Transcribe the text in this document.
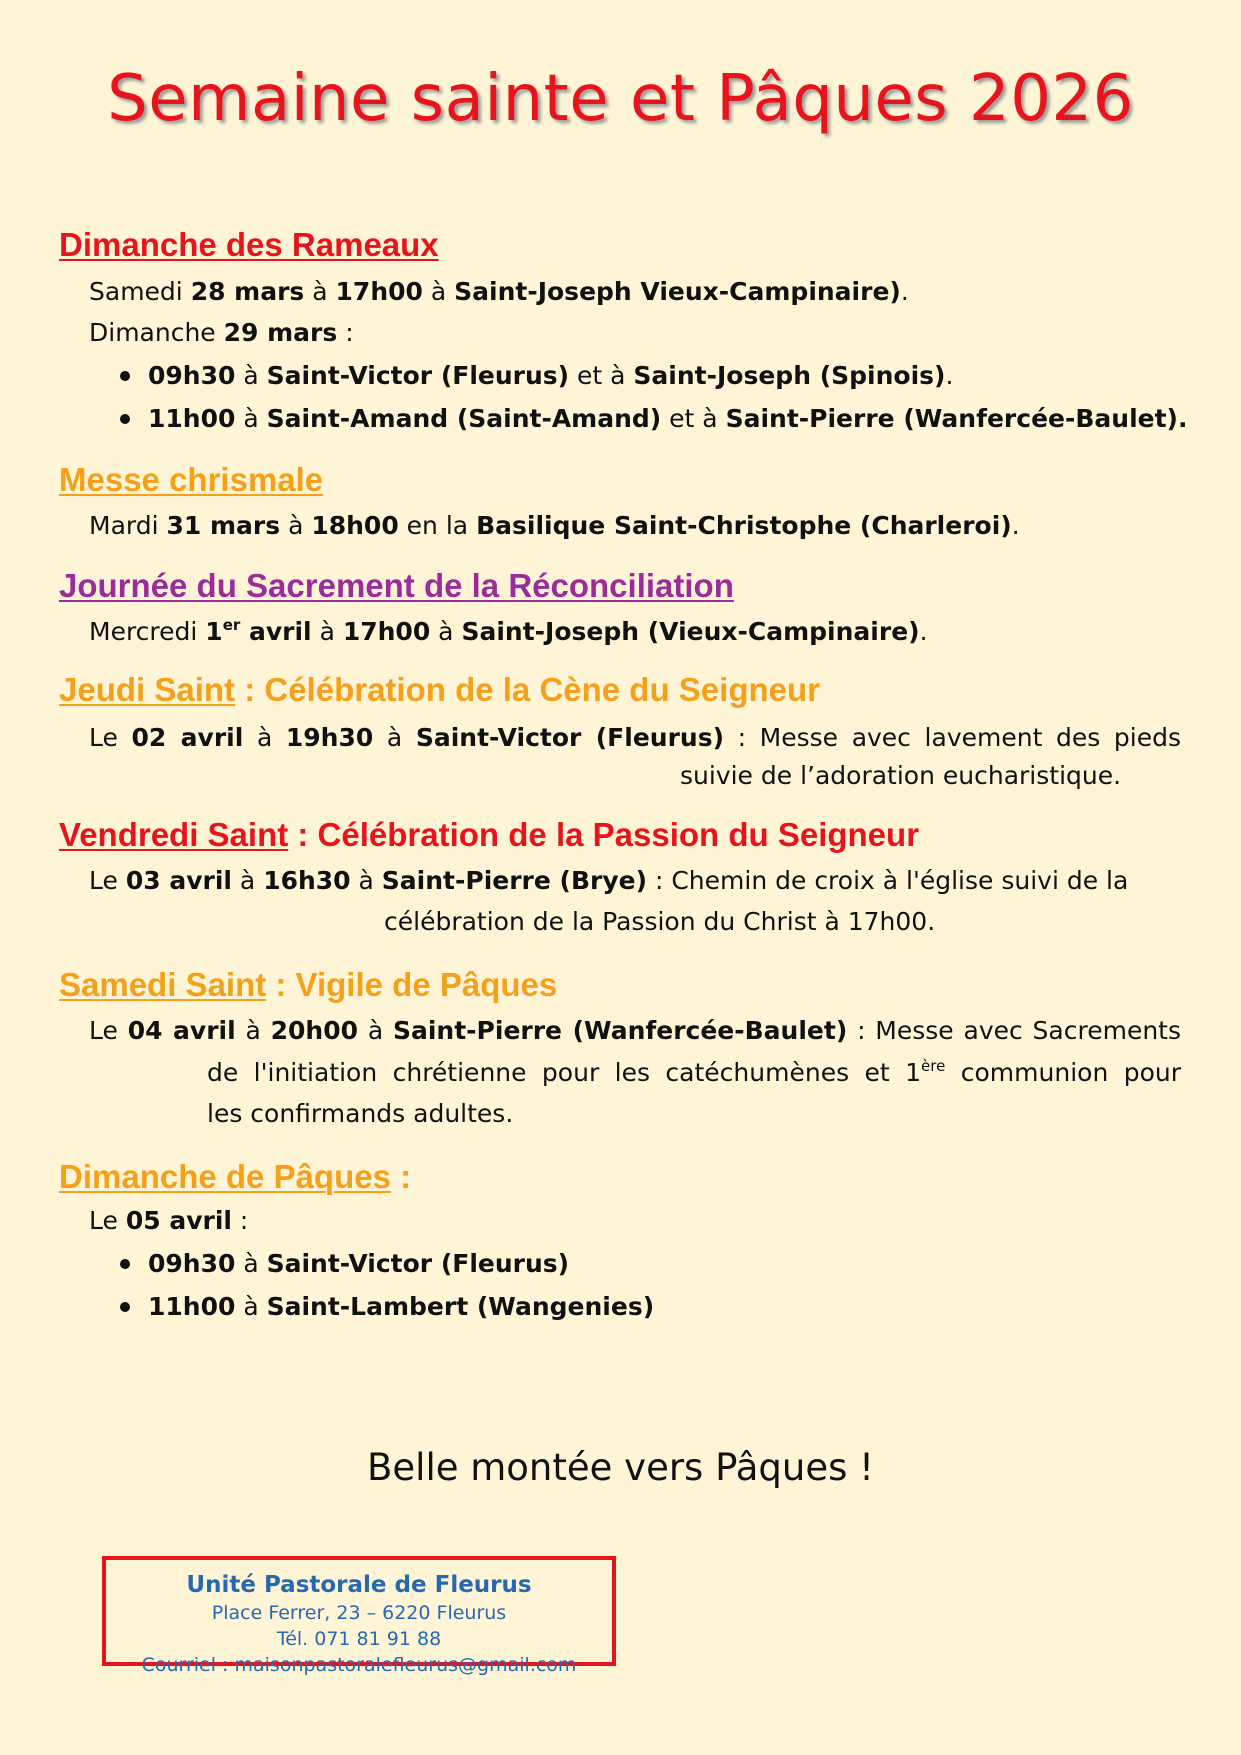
Semaine sainte et Pâques 2026
Dimanche des Rameaux
Samedi 28 mars à 17h00 à Saint-Joseph Vieux-Campinaire).
Dimanche 29 mars :
09h30 à Saint-Victor (Fleurus) et à Saint-Joseph (Spinois).
11h00 à Saint-Amand (Saint-Amand) et à Saint-Pierre (Wanfercée-Baulet).
Messe chrismale
Mardi 31 mars à 18h00 en la Basilique Saint-Christophe (Charleroi).
Journée du Sacrement de la Réconciliation
Mercredi 1er avril à 17h00 à Saint-Joseph (Vieux-Campinaire).
Jeudi Saint : Célébration de la Cène du Seigneur
Le 02 avril à 19h30 à Saint-Victor (Fleurus) : Messe avec lavement des pieds
suivie de l’adoration eucharistique.
Vendredi Saint : Célébration de la Passion du Seigneur
Le 03 avril à 16h30 à Saint-Pierre (Brye) : Chemin de croix à l'église suivi de la
célébration de la Passion du Christ à 17h00.
Samedi Saint : Vigile de Pâques
Le 04 avril à 20h00 à Saint-Pierre (Wanfercée-Baulet) : Messe avec Sacrements
de l'initiation chrétienne pour les catéchumènes et 1ère communion pour
les confirmands adultes.
Dimanche de Pâques :
Le 05 avril :
09h30 à Saint-Victor (Fleurus)
11h00 à Saint-Lambert (Wangenies)
Belle montée vers Pâques !
Unité Pastorale de Fleurus
Place Ferrer, 23 – 6220 Fleurus
Tél. 071 81 91 88
Courriel : maisonpastoralefleurus@gmail.com
